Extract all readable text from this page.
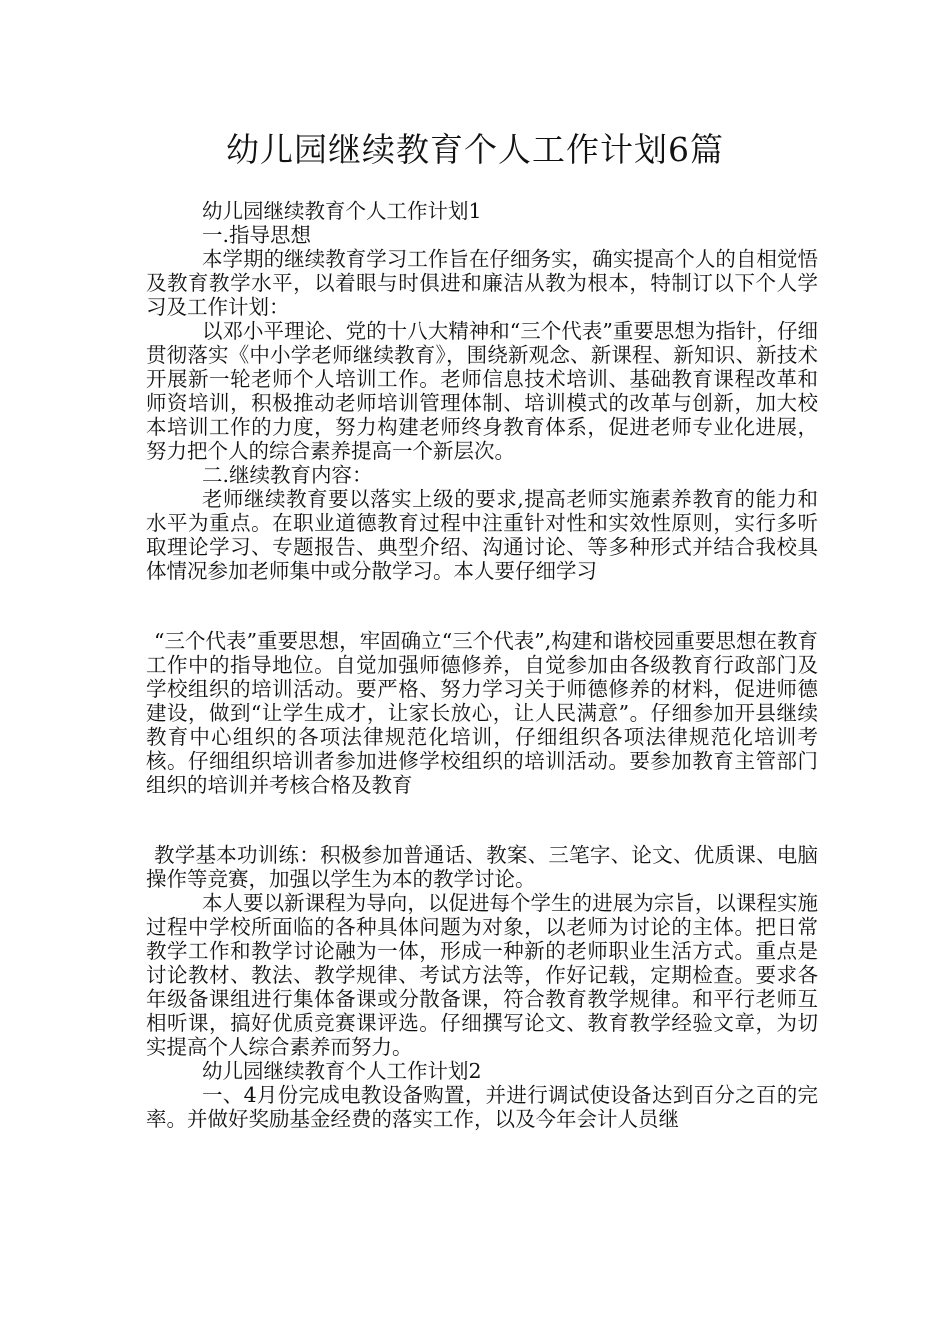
幼儿园继续教育个人工作计划6篇

幼儿园继续教育个人工作计划1

一.指导思想

本学期的继续教育学习工作旨在仔细务实，确实提高个人的自相觉悟及教育教学水平，以着眼与时俱进和廉洁从教为根本，特制订以下个人学习及工作计划：

以邓小平理论、党的十八大精神和“三个代表”重要思想为指针，仔细贯彻落实《中小学老师继续教育》，围绕新观念、新课程、新知识、新技术开展新一轮老师个人培训工作。老师信息技术培训、基础教育课程改革和师资培训，积极推动老师培训管理体制、培训模式的改革与创新，加大校本培训工作的力度，努力构建老师终身教育体系，促进老师专业化进展，努力把个人的综合素养提高一个新层次。

二.继续教育内容：

老师继续教育要以落实上级的要求,提高老师实施素养教育的能力和水平为重点。在职业道德教育过程中注重针对性和实效性原则，实行多听取理论学习、专题报告、典型介绍、沟通讨论、等多种形式并结合我校具体情况参加老师集中或分散学习。本人要仔细学习

“三个代表”重要思想，牢固确立“三个代表”,构建和谐校园重要思想在教育工作中的指导地位。自觉加强师德修养，自觉参加由各级教育行政部门及学校组织的培训活动。要严格、努力学习关于师德修养的材料，促进师德建设，做到“让学生成才，让家长放心，让人民满意”。仔细参加开县继续教育中心组织的各项法律规范化培训，仔细组织各项法律规范化培训考核。仔细组织培训者参加进修学校组织的培训活动。要参加教育主管部门组织的培训并考核合格及教育

教学基本功训练：积极参加普通话、教案、三笔字、论文、优质课、电脑操作等竞赛，加强以学生为本的教学讨论。

本人要以新课程为导向，以促进每个学生的进展为宗旨，以课程实施过程中学校所面临的各种具体问题为对象，以老师为讨论的主体。把日常教学工作和教学讨论融为一体，形成一种新的老师职业生活方式。重点是讨论教材、教法、教学规律、考试方法等，作好记载，定期检查。要求各年级备课组进行集体备课或分散备课，符合教育教学规律。和平行老师互相听课，搞好优质竞赛课评选。仔细撰写论文、教育教学经验文章，为切实提高个人综合素养而努力。

幼儿园继续教育个人工作计划2

一、4月份完成电教设备购置，并进行调试使设备达到百分之百的完率。并做好奖励基金经费的落实工作，以及今年会计人员继
